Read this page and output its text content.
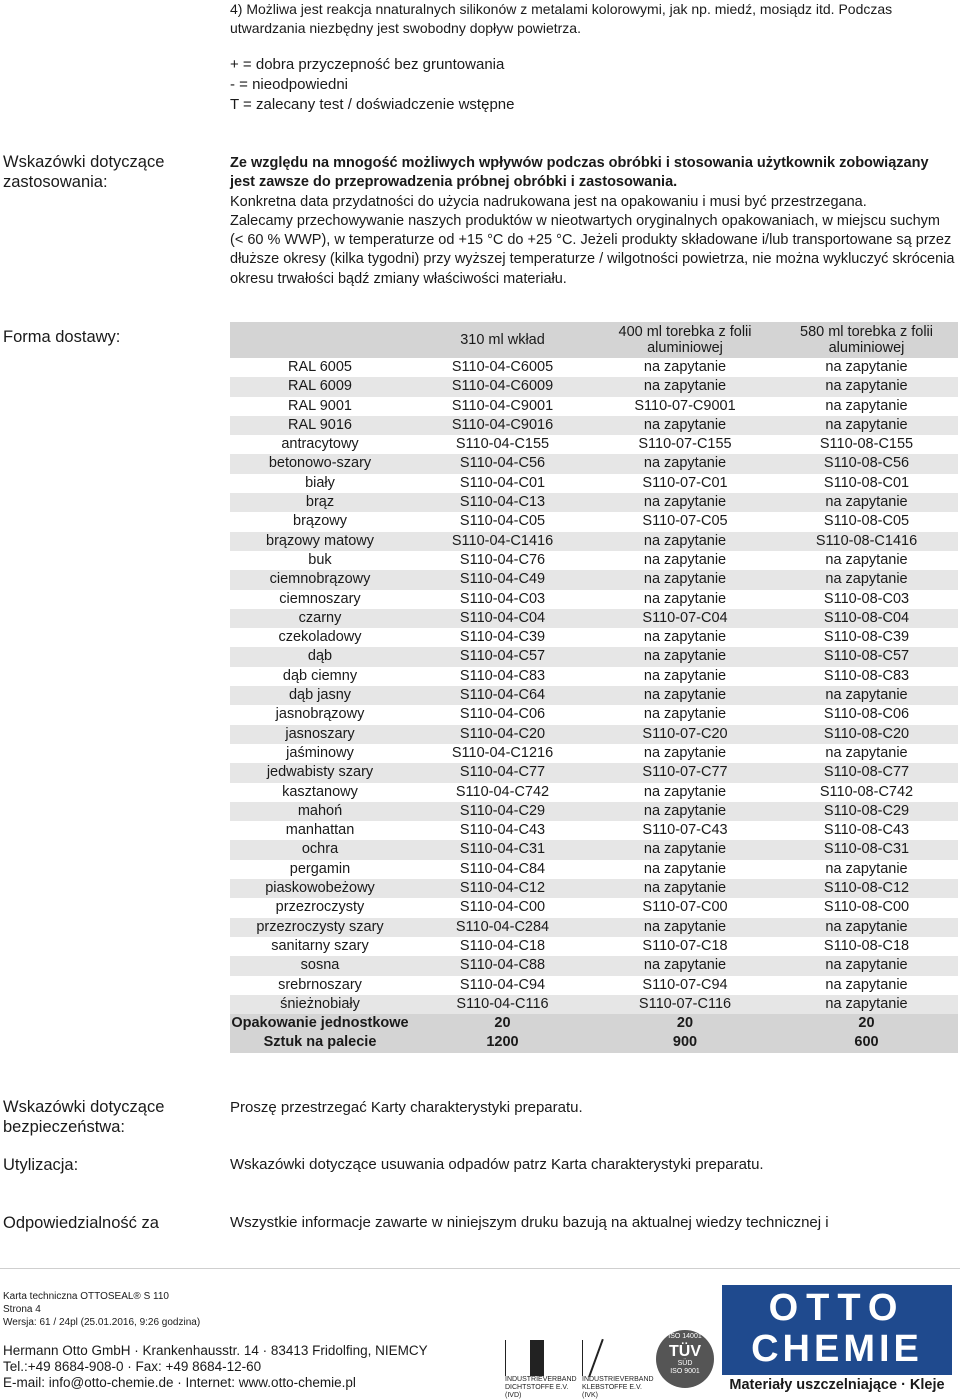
4) Możliwa jest reakcja nnaturalnych silikonów z metalami kolorowymi, jak np. miedź, mosiądz itd. Podczas
utwardzania niezbędny jest swobodny dopływ powietrza.
+ = dobra przyczepność bez gruntowania
- = nieodpowiedni
T = zalecany test / doświadczenie wstępne
Wskazówki dotyczące
zastosowania:
Ze względu na mnogość możliwych wpływów podczas obróbki i stosowania użytkownik zobowiązany jest zawsze do przeprowadzenia próbnej obróbki i zastosowania.
Konkretna data przydatności do użycia nadrukowana jest na opakowaniu i musi być przestrzegana.
Zalecamy przechowywanie naszych produktów w nieotwartych oryginalnych opakowaniach, w miejscu suchym (< 60 % WWP), w temperaturze od +15 °C do +25 °C. Jeżeli produkty składowane i/lub transportowane są przez dłuższe okresy (kilka tygodni) przy wyższej temperaturze / wilgotności powietrza, nie można wykluczyć skrócenia okresu trwałości bądź zmiany właściwości materiału.
Forma dostawy:
		310 ml wkład	400 ml torebka z folii aluminiowej	580 ml torebka z folii aluminiowej
RAL 6005	S110-04-C6005	na zapytanie	na zapytanie
RAL 6009	S110-04-C6009	na zapytanie	na zapytanie
RAL 9001	S110-04-C9001	S110-07-C9001	na zapytanie
RAL 9016	S110-04-C9016	na zapytanie	na zapytanie
antracytowy	S110-04-C155	S110-07-C155	S110-08-C155
betonowo-szary	S110-04-C56	na zapytanie	S110-08-C56
biały	S110-04-C01	S110-07-C01	S110-08-C01
brąz	S110-04-C13	na zapytanie	na zapytanie
brązowy	S110-04-C05	S110-07-C05	S110-08-C05
brązowy matowy	S110-04-C1416	na zapytanie	S110-08-C1416
buk	S110-04-C76	na zapytanie	na zapytanie
ciemnobrązowy	S110-04-C49	na zapytanie	na zapytanie
ciemnoszary	S110-04-C03	na zapytanie	S110-08-C03
czarny	S110-04-C04	S110-07-C04	S110-08-C04
czekoladowy	S110-04-C39	na zapytanie	S110-08-C39
dąb	S110-04-C57	na zapytanie	S110-08-C57
dąb ciemny	S110-04-C83	na zapytanie	S110-08-C83
dąb jasny	S110-04-C64	na zapytanie	na zapytanie
jasnobrązowy	S110-04-C06	na zapytanie	S110-08-C06
jasnoszary	S110-04-C20	S110-07-C20	S110-08-C20
jaśminowy	S110-04-C1216	na zapytanie	na zapytanie
jedwabisty szary	S110-04-C77	S110-07-C77	S110-08-C77
kasztanowy	S110-04-C742	na zapytanie	S110-08-C742
mahoń	S110-04-C29	na zapytanie	S110-08-C29
manhattan	S110-04-C43	S110-07-C43	S110-08-C43
ochra	S110-04-C31	na zapytanie	S110-08-C31
pergamin	S110-04-C84	na zapytanie	na zapytanie
piaskowobeżowy	S110-04-C12	na zapytanie	S110-08-C12
przezroczysty	S110-04-C00	S110-07-C00	S110-08-C00
przezroczysty szary	S110-04-C284	na zapytanie	na zapytanie
sanitarny szary	S110-04-C18	S110-07-C18	S110-08-C18
sosna	S110-04-C88	na zapytanie	na zapytanie
srebrnoszary	S110-04-C94	S110-07-C94	na zapytanie
śnieżnobiały	S110-04-C116	S110-07-C116	na zapytanie
Opakowanie jednostkowe	20	20	20
Sztuk na palecie	1200	900	600
Wskazówki dotyczące
bezpieczeństwa:
Proszę przestrzegać Karty charakterystyki preparatu.
Utylizacja:	Wskazówki dotyczące usuwania odpadów patrz Karta charakterystyki preparatu.
Odpowiedzialność za	Wszystkie informacje zawarte w niniejszym druku bazują na aktualnej wiedzy technicznej i
Karta techniczna OTTOSEAL® S 110
Strona 4
Wersja: 61 / 24pl (25.01.2016, 9:26 godzina)
Hermann Otto GmbH · Krankenhausstr. 14 · 83413 Fridolfing, NIEMCY
Tel.:+49 8684-908-0 · Fax: +49 8684-12-60
E-mail: info@otto-chemie.de · Internet: www.otto-chemie.pl	INDUSTRIEVERBAND DICHTSTOFFE E.V. (IVD)
INDUSTRIEVERBAND KLEBSTOFFE E.V. (IVK)
ISO 14001
TÜV
SÜD
ISO 9001
OTTO
CHEMIE
Materiały uszczelniające · Kleje
